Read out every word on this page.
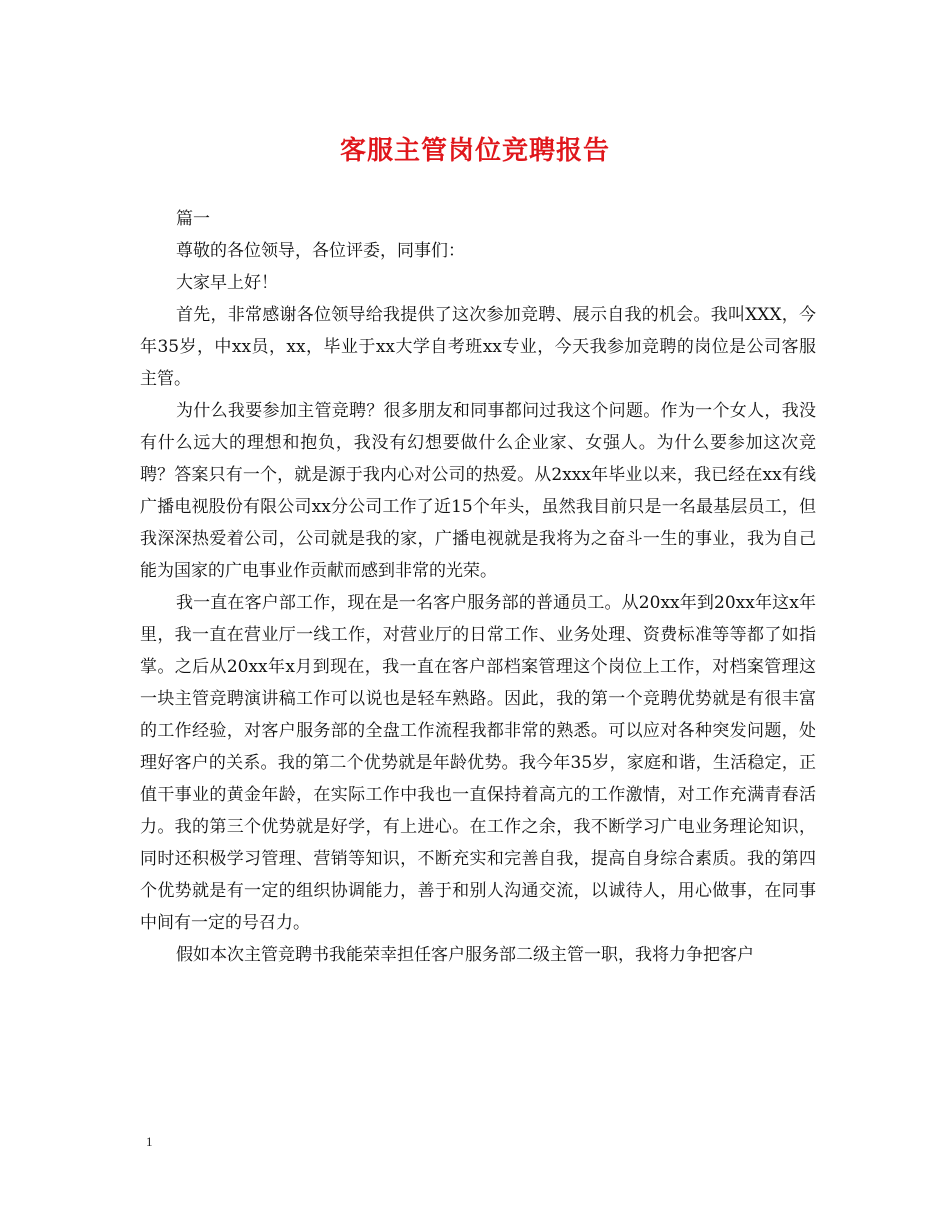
客服主管岗位竞聘报告

篇一

尊敬的各位领导，各位评委，同事们：

大家早上好！

首先，非常感谢各位领导给我提供了这次参加竞聘、展示自我的机会。我叫XXX，今年35岁，中xx员，xx，毕业于xx大学自考班xx专业，今天我参加竞聘的岗位是公司客服主管。

为什么我要参加主管竞聘？很多朋友和同事都问过我这个问题。作为一个女人，我没有什么远大的理想和抱负，我没有幻想要做什么企业家、女强人。为什么要参加这次竞聘？答案只有一个，就是源于我内心对公司的热爱。从2xxx年毕业以来，我已经在xx有线广播电视股份有限公司xx分公司工作了近15个年头，虽然我目前只是一名最基层员工，但我深深热爱着公司，公司就是我的家，广播电视就是我将为之奋斗一生的事业，我为自己能为国家的广电事业作贡献而感到非常的光荣。

我一直在客户部工作，现在是一名客户服务部的普通员工。从20xx年到20xx年这x年里，我一直在营业厅一线工作，对营业厅的日常工作、业务处理、资费标准等等都了如指掌。之后从20xx年x月到现在，我一直在客户部档案管理这个岗位上工作，对档案管理这一块主管竞聘演讲稿工作可以说也是轻车熟路。因此，我的第一个竞聘优势就是有很丰富的工作经验，对客户服务部的全盘工作流程我都非常的熟悉。可以应对各种突发问题，处理好客户的关系。我的第二个优势就是年龄优势。我今年35岁，家庭和谐，生活稳定，正值干事业的黄金年龄，在实际工作中我也一直保持着高亢的工作激情，对工作充满青春活力。我的第三个优势就是好学，有上进心。在工作之余，我不断学习广电业务理论知识，同时还积极学习管理、营销等知识，不断充实和完善自我，提高自身综合素质。我的第四个优势就是有一定的组织协调能力，善于和别人沟通交流，以诚待人，用心做事，在同事中间有一定的号召力。

假如本次主管竞聘书我能荣幸担任客户服务部二级主管一职，我将力争把客户

1
